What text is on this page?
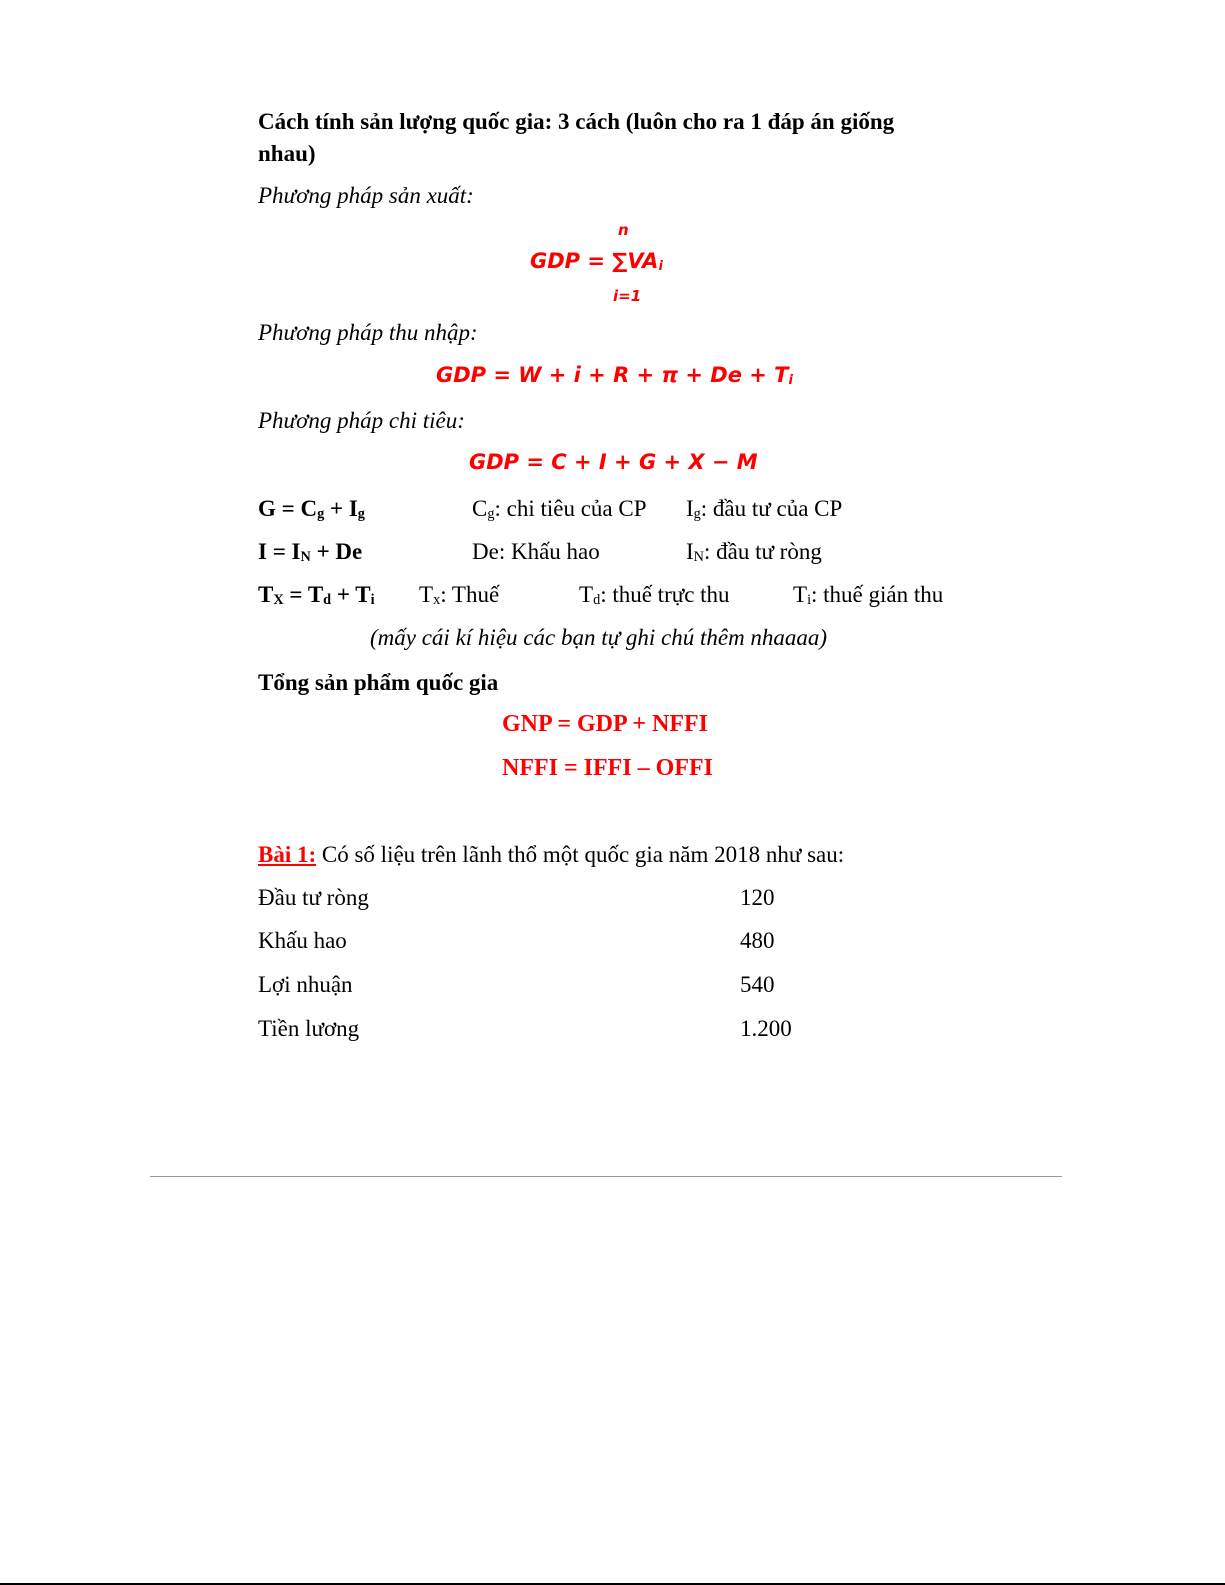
Cách tính sản lượng quốc gia: 3 cách (luôn cho ra 1 đáp án giống
nhau)
Phương pháp sản xuất:
n
GDP = ∑VAi
i=1
Phương pháp thu nhập:
GDP = W + i + R + π + De + Ti
Phương pháp chi tiêu:
GDP = C + I + G + X − M
G = Cg + Ig	Cg: chi tiêu của CP Ig: đầu tư của CP
I = IN + De	De: Khấu hao	IN: đầu tư ròng
TX = Td + Ti Tx: Thuế	Td: thuế trực thu	Ti: thuế gián thu
(mấy cái kí hiệu các bạn tự ghi chú thêm nhaaaa)
Tổng sản phẩm quốc gia
GNP = GDP + NFFI
NFFI = IFFI – OFFI
Bài 1: Có số liệu trên lãnh thổ một quốc gia năm 2018 như sau:
Đầu tư ròng	120
Khấu hao	480
Lợi nhuận	540
Tiền lương	1.200
